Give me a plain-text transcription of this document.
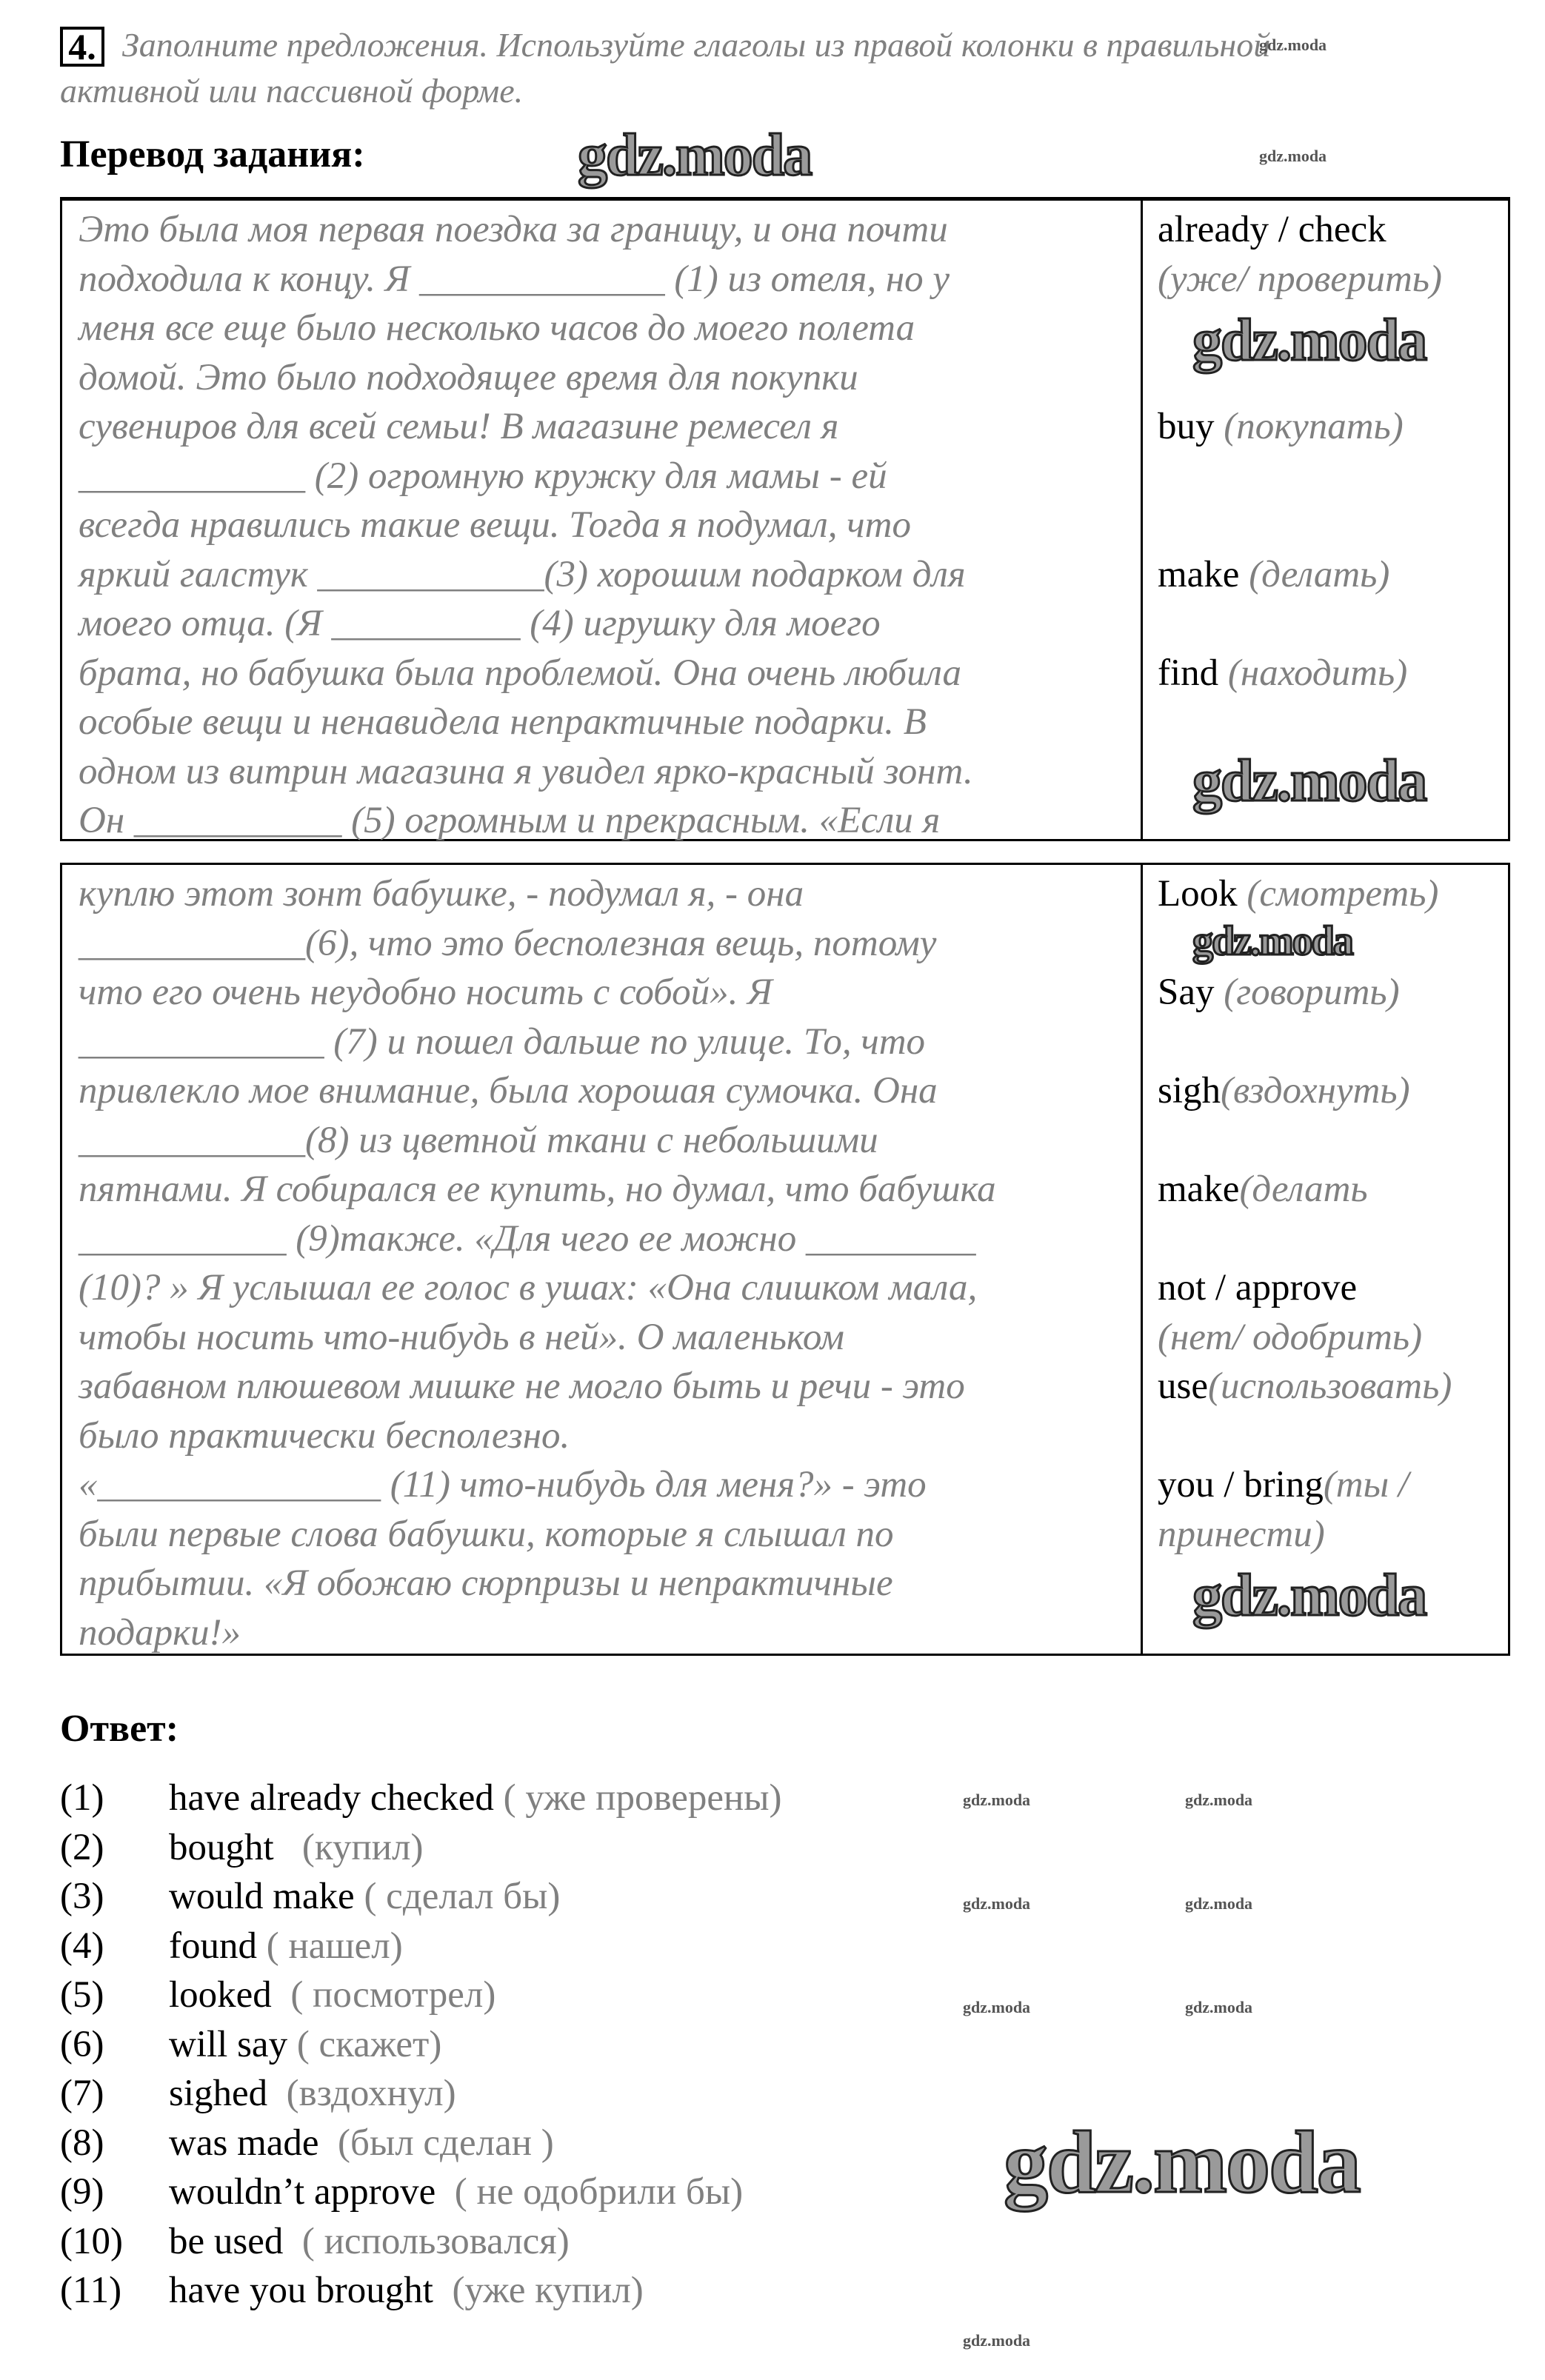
4. Заполните предложения. Используйте глаголы из правой колонки в правильной
активной или пассивной форме.
Перевод задания:
Это была моя первая поездка за границу, и она почти
подходила к концу. Я _____________ (1) из отеля, но у
меня все еще было несколько часов до моего полета
домой. Это было подходящее время для покупки
сувениров для всей семьи! В магазине ремесел я
____________ (2) огромную кружку для мамы - ей
всегда нравились такие вещи. Тогда я подумал, что
яркий галстук ____________(3) хорошим подарком для
моего отца. (Я __________ (4) игрушку для моего
брата, но бабушка была проблемой. Она очень любила
особые вещи и ненавидела непрактичные подарки. В
одном из витрин магазина я увидел ярко-красный зонт.
Он ___________ (5) огромным и прекрасным. «Если я
already / check
(уже/ проверить)
buy (покупать)
make (делать)
find (находить)
куплю этот зонт бабушке, - подумал я, - она
____________(6), что это бесполезная вещь, потому
что его очень неудобно носить с собой». Я
_____________ (7) и пошел дальше по улице. То, что
привлекло мое внимание, была хорошая сумочка. Она
____________(8) из цветной ткани с небольшими
пятнами. Я собирался ее купить, но думал, что бабушка
___________ (9)также. «Для чего ее можно _________
(10)? » Я услышал ее голос в ушах: «Она слишком мала,
чтобы носить что-нибудь в ней». О маленьком
забавном плюшевом мишке не могло быть и речи - это
было практически бесполезно.
«_______________ (11) что-нибудь для меня?» - это
были первые слова бабушки, которые я слышал по
прибытии. «Я обожаю сюрпризы и непрактичные
подарки!»
Look (смотреть)
Say (говорить)
sigh(вздохнуть)
make(делать
not / approve
(нет/ одобрить)
use(использовать)
you / bring(ты /
принести)
Ответ:
(1) have already checked ( уже проверены)
(2) bought   (купил)
(3) would make ( сделал бы)
(4) found ( нашел)
(5) looked  ( посмотрел)
(6) will say ( скажет)
(7) sighed  (вздохнул)
(8) was made  (был сделан )
(9) wouldn’t approve  ( не одобрили бы)
(10) be used  ( использовался)
(11) have you brought  (уже купил)
gdz.moda
gdz.moda
gdz.moda
gdz.moda
gdz.moda
gdz.moda
gdz.moda
gdz.moda
gdz.moda	gdz.moda
gdz.moda	gdz.moda
gdz.moda	gdz.moda
gdz.moda
